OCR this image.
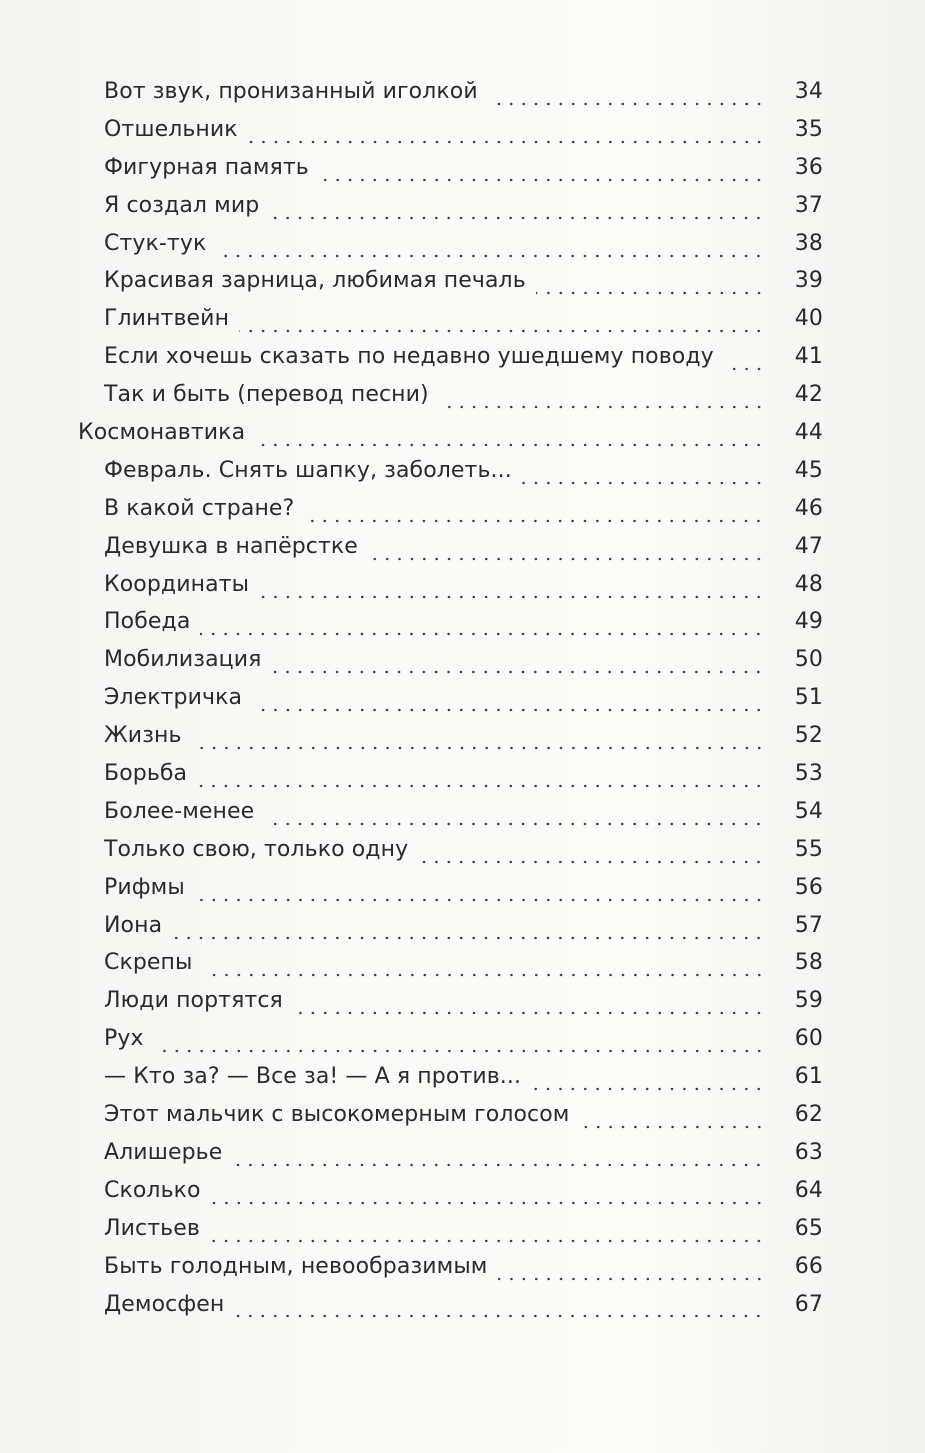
Вот звук, пронизанный иголкой	34
Отшельник	35
Фигурная память	36
Я создал мир	37
Стук-тук	38
Красивая зарница, любимая печаль	39
Глинтвейн	40
Если хочешь сказать по недавно ушедшему поводу	41
Так и быть (перевод песни)	42
Космонавтика	44
Февраль. Снять шапку, заболеть...	45
В какой стране?	46
Девушка в напёрстке	47
Координаты	48
Победа	49
Мобилизация	50
Электричка	51
Жизнь	52
Борьба	53
Более-менее	54
Только свою, только одну	55
Рифмы	56
Иона	57
Скрепы	58
Люди портятся	59
Рух	60
— Кто за? — Все за! — А я против...	61
Этот мальчик с высокомерным голосом	62
Алишерье	63
Сколько	64
Листьев	65
Быть голодным, невообразимым	66
Демосфен	67
